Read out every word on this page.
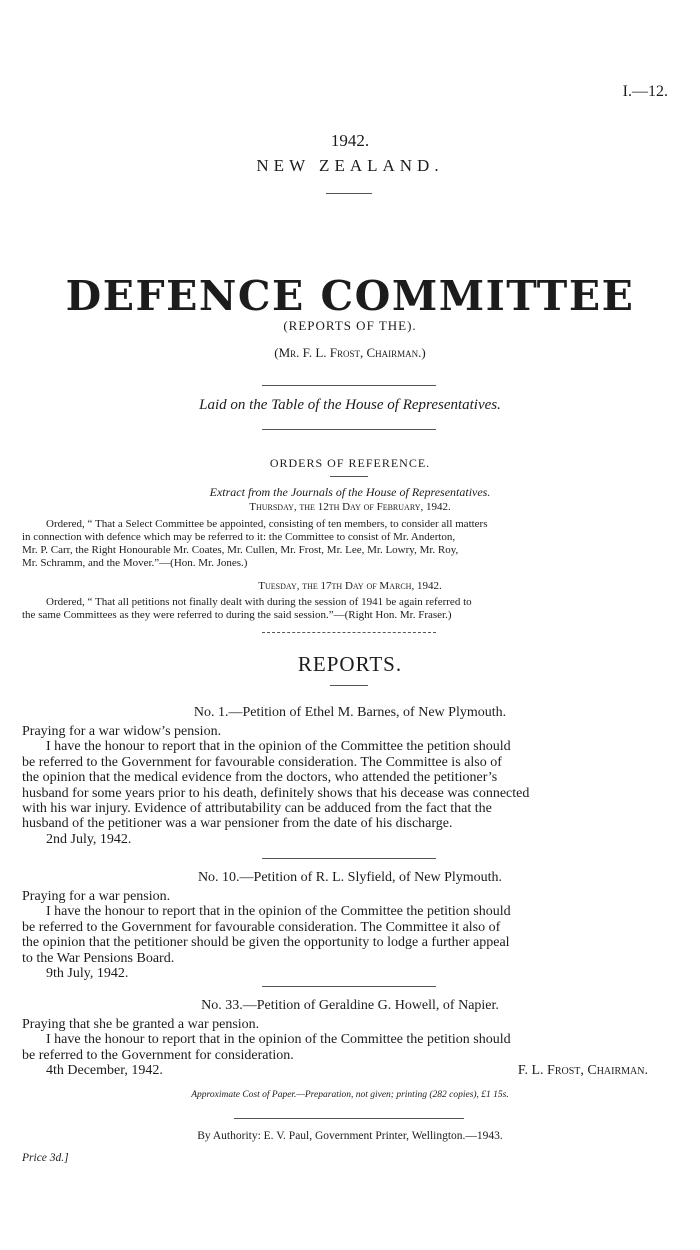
I.—12.
1942.
NEW ZEALAND.
DEFENCE COMMITTEE
(REPORTS OF THE).
(Mr. F. L. Frost, Chairman.)
Laid on the Table of the House of Representatives.
ORDERS OF REFERENCE.
Extract from the Journals of the House of Representatives.
Thursday, the 12th Day of February, 1942.
Ordered, “ That a Select Committee be appointed, consisting of ten members, to consider all matters
in connection with defence which may be referred to it: the Committee to consist of Mr. Anderton,
Mr. P. Carr, the Right Honourable Mr. Coates, Mr. Cullen, Mr. Frost, Mr. Lee, Mr. Lowry, Mr. Roy,
Mr. Schramm, and the Mover.”—(Hon. Mr. Jones.)
Tuesday, the 17th Day of March, 1942.
Ordered, “ That all petitions not finally dealt with during the session of 1941 be again referred to
the same Committees as they were referred to during the said session.”—(Right Hon. Mr. Fraser.)
REPORTS.
No. 1.—Petition of Ethel M. Barnes, of New Plymouth.
Praying for a war widow’s pension.
I have the honour to report that in the opinion of the Committee the petition should
be referred to the Government for favourable consideration. The Committee is also of
the opinion that the medical evidence from the doctors, who attended the petitioner’s
husband for some years prior to his death, definitely shows that his decease was connected
with his war injury. Evidence of attributability can be adduced from the fact that the
husband of the petitioner was a war pensioner from the date of his discharge.
2nd July, 1942.
No. 10.—Petition of R. L. Slyfield, of New Plymouth.
Praying for a war pension.
I have the honour to report that in the opinion of the Committee the petition should
be referred to the Government for favourable consideration. The Committee it also of
the opinion that the petitioner should be given the opportunity to lodge a further appeal
to the War Pensions Board.
9th July, 1942.
No. 33.—Petition of Geraldine G. Howell, of Napier.
Praying that she be granted a war pension.
I have the honour to report that in the opinion of the Committee the petition should
be referred to the Government for consideration.
4th December, 1942.	F. L. Frost, Chairman.
Approximate Cost of Paper.—Preparation, not given; printing (282 copies), £1 15s.
By Authority: E. V. Paul, Government Printer, Wellington.—1943.
Price 3d.]
